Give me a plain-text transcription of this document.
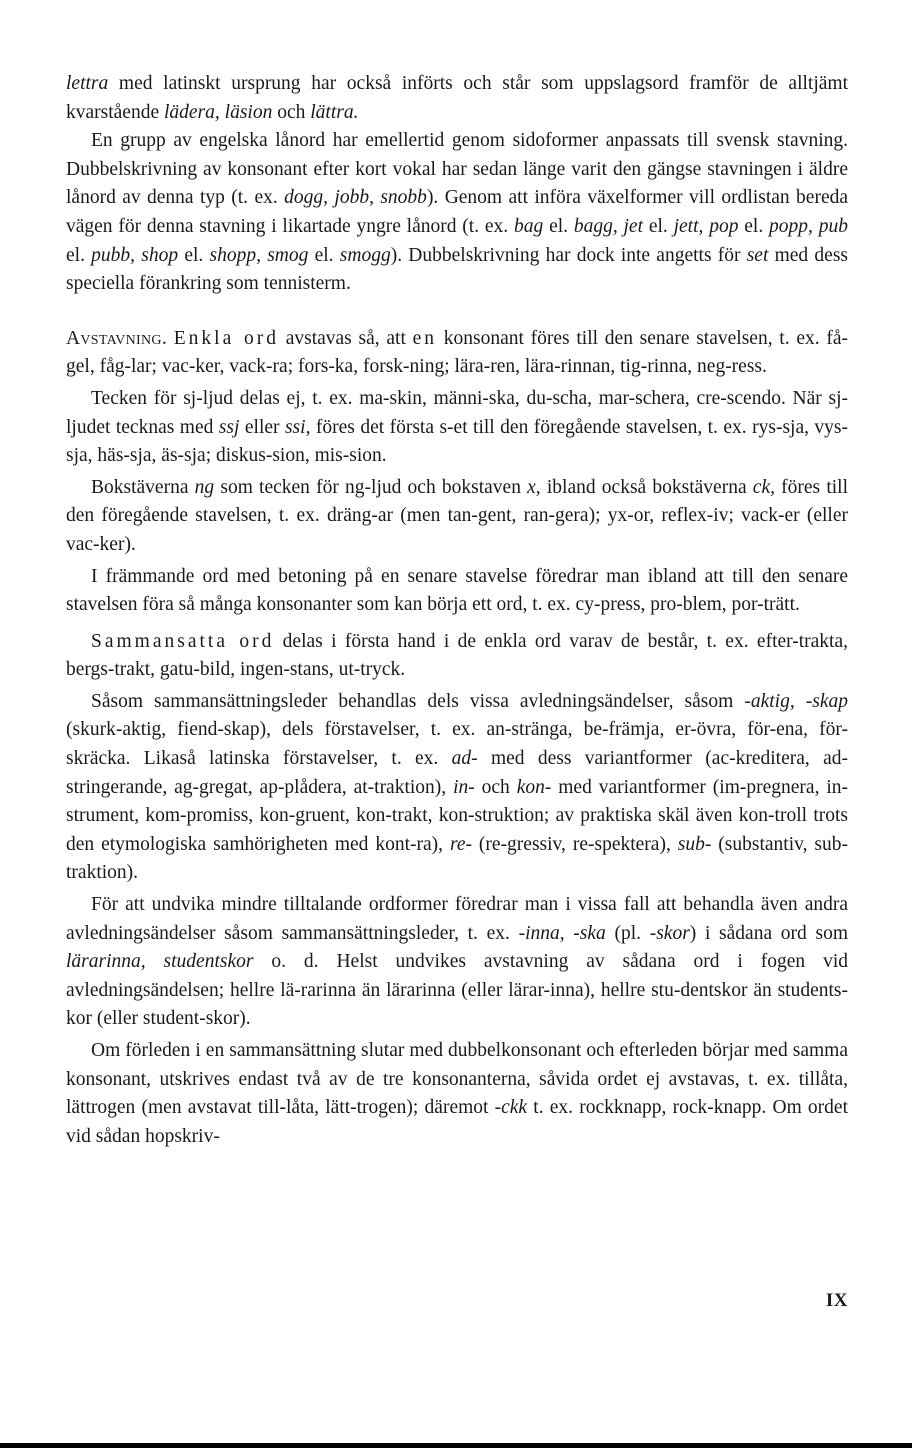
lettra med latinskt ursprung har också införts och står som uppslagsord framför de alltjämt kvarstående lädera, läsion och lättra.

En grupp av engelska lånord har emellertid genom sidoformer anpassats till svensk stavning. Dubbelskrivning av konsonant efter kort vokal har sedan länge varit den gängse stavningen i äldre lånord av denna typ (t. ex. dogg, jobb, snobb). Genom att införa växelformer vill ordlistan bereda vägen för denna stavning i likartade yngre lånord (t. ex. bag el. bagg, jet el. jett, pop el. popp, pub el. pubb, shop el. shopp, smog el. smogg). Dubbelskrivning har dock inte angetts för set med dess speciella förankring som tennisterm.

Avstavning. Enkla ord avstavas så, att en konsonant föres till den senare stavelsen, t. ex. få-gel, fåg-lar; vac-ker, vack-ra; fors-ka, forsk-ning; lära-ren, lära-rinnan, tig-rinna, neg-ress.

Tecken för sj-ljud delas ej, t. ex. ma-skin, männi-ska, du-scha, mar-schera, cre-scendo. När sj-ljudet tecknas med ssj eller ssi, föres det första s-et till den föregående stavelsen, t. ex. rys-sja, vys-sja, häs-sja, äs-sja; diskus-sion, mis-sion.

Bokstäverna ng som tecken för ng-ljud och bokstaven x, ibland också bokstäverna ck, föres till den föregående stavelsen, t. ex. dräng-ar (men tan-gent, ran-gera); yx-or, reflex-iv; vack-er (eller vac-ker).

I främmande ord med betoning på en senare stavelse föredrar man ibland att till den senare stavelsen föra så många konsonanter som kan börja ett ord, t. ex. cy-press, pro-blem, por-trätt.

Sammansatta ord delas i första hand i de enkla ord varav de består, t. ex. efter-trakta, bergs-trakt, gatu-bild, ingen-stans, ut-tryck.

Såsom sammansättningsleder behandlas dels vissa avledningsändelser, såsom -aktig, -skap (skurk-aktig, fiend-skap), dels förstavelser, t. ex. an-stränga, be-främja, er-övra, för-ena, för-skräcka. Likaså latinska förstavelser, t. ex. ad- med dess variantformer (ac-kreditera, ad-stringerande, ag-gregat, ap-plådera, at-traktion), in- och kon- med variantformer (im-pregnera, in-strument, kom-promiss, kon-gruent, kon-trakt, kon-struktion; av praktiska skäl även kon-troll trots den etymologiska samhörigheten med kont-ra), re- (re-gressiv, re-spektera), sub- (substantiv, sub-traktion).

För att undvika mindre tilltalande ordformer föredrar man i vissa fall att behandla även andra avledningsändelser såsom sammansättningsleder, t. ex. -inna, -ska (pl. -skor) i sådana ord som lärarinna, studentskor o. d. Helst undvikes avstavning av sådana ord i fogen vid avledningsändelsen; hellre lä-rarinna än lärarinna (eller lärar-inna), hellre stu-dentskor än students-kor (eller student-skor).

Om förleden i en sammansättning slutar med dubbelkonsonant och efterleden börjar med samma konsonant, utskrives endast två av de tre konsonanterna, såvida ordet ej avstavas, t. ex. tillåta, lättrogen (men avstavat till-låta, lätt-trogen); däremot -ckk t. ex. rockknapp, rock-knapp. Om ordet vid sådan hopskriv-

IX
